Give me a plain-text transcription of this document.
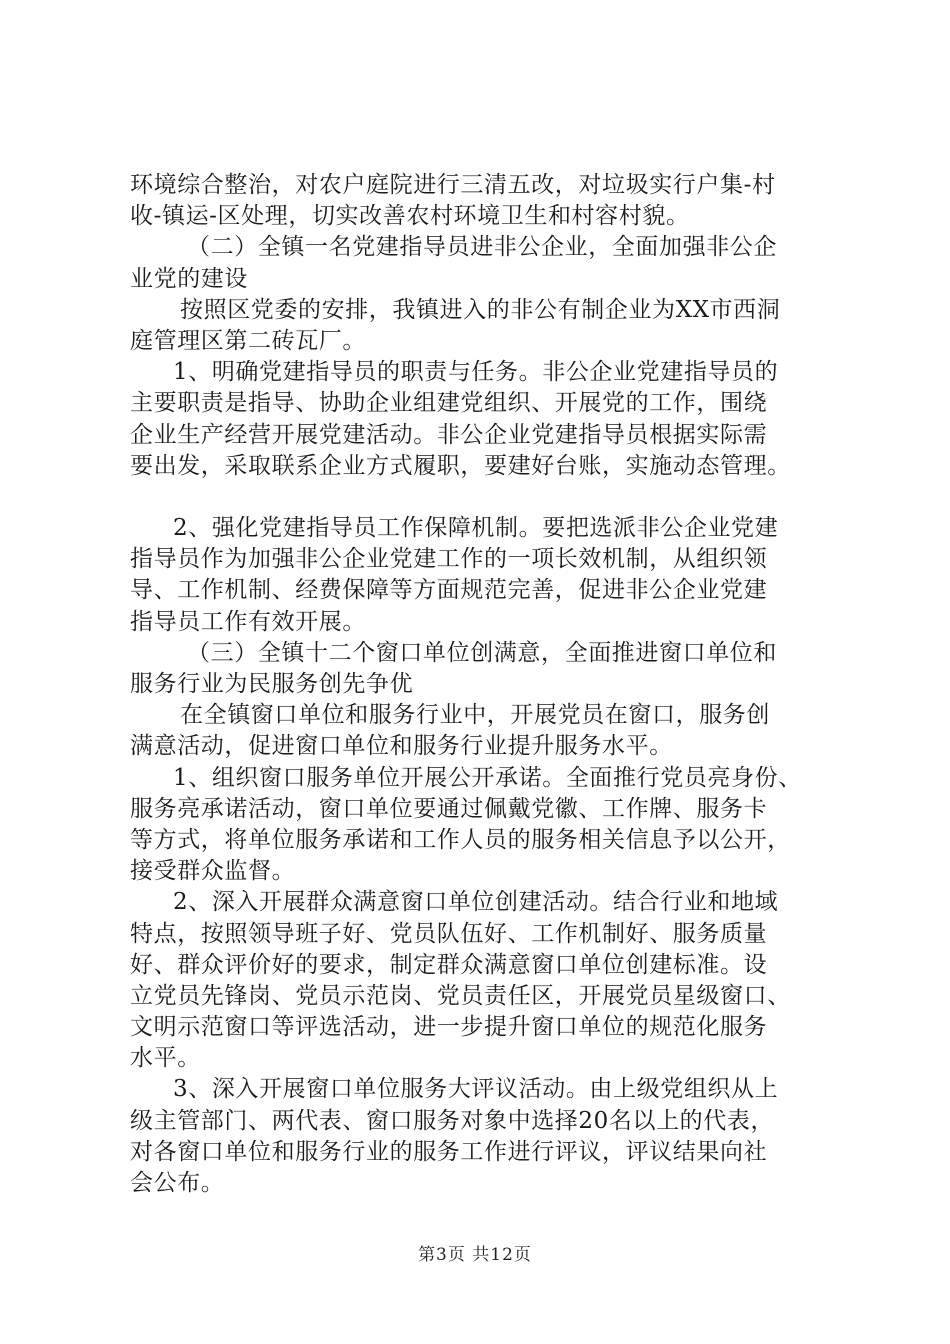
环境综合整治，对农户庭院进行三清五改，对垃圾实行户集-村
收-镇运-区处理，切实改善农村环境卫生和村容村貌。
（二）全镇一名党建指导员进非公企业，全面加强非公企
业党的建设
按照区党委的安排，我镇进入的非公有制企业为XX市西洞
庭管理区第二砖瓦厂。
1、明确党建指导员的职责与任务。非公企业党建指导员的
主要职责是指导、协助企业组建党组织、开展党的工作，围绕
企业生产经营开展党建活动。非公企业党建指导员根据实际需
要出发，采取联系企业方式履职，要建好台账，实施动态管理。
2、强化党建指导员工作保障机制。要把选派非公企业党建
指导员作为加强非公企业党建工作的一项长效机制，从组织领
导、工作机制、经费保障等方面规范完善，促进非公企业党建
指导员工作有效开展。
（三）全镇十二个窗口单位创满意，全面推进窗口单位和
服务行业为民服务创先争优
在全镇窗口单位和服务行业中，开展党员在窗口，服务创
满意活动，促进窗口单位和服务行业提升服务水平。
1、组织窗口服务单位开展公开承诺。全面推行党员亮身份、
服务亮承诺活动，窗口单位要通过佩戴党徽、工作牌、服务卡
等方式，将单位服务承诺和工作人员的服务相关信息予以公开，
接受群众监督。
2、深入开展群众满意窗口单位创建活动。结合行业和地域
特点，按照领导班子好、党员队伍好、工作机制好、服务质量
好、群众评价好的要求，制定群众满意窗口单位创建标准。设
立党员先锋岗、党员示范岗、党员责任区，开展党员星级窗口、
文明示范窗口等评选活动，进一步提升窗口单位的规范化服务
水平。
3、深入开展窗口单位服务大评议活动。由上级党组织从上
级主管部门、两代表、窗口服务对象中选择20名以上的代表，
对各窗口单位和服务行业的服务工作进行评议，评议结果向社
会公布。
第3页 共12页
